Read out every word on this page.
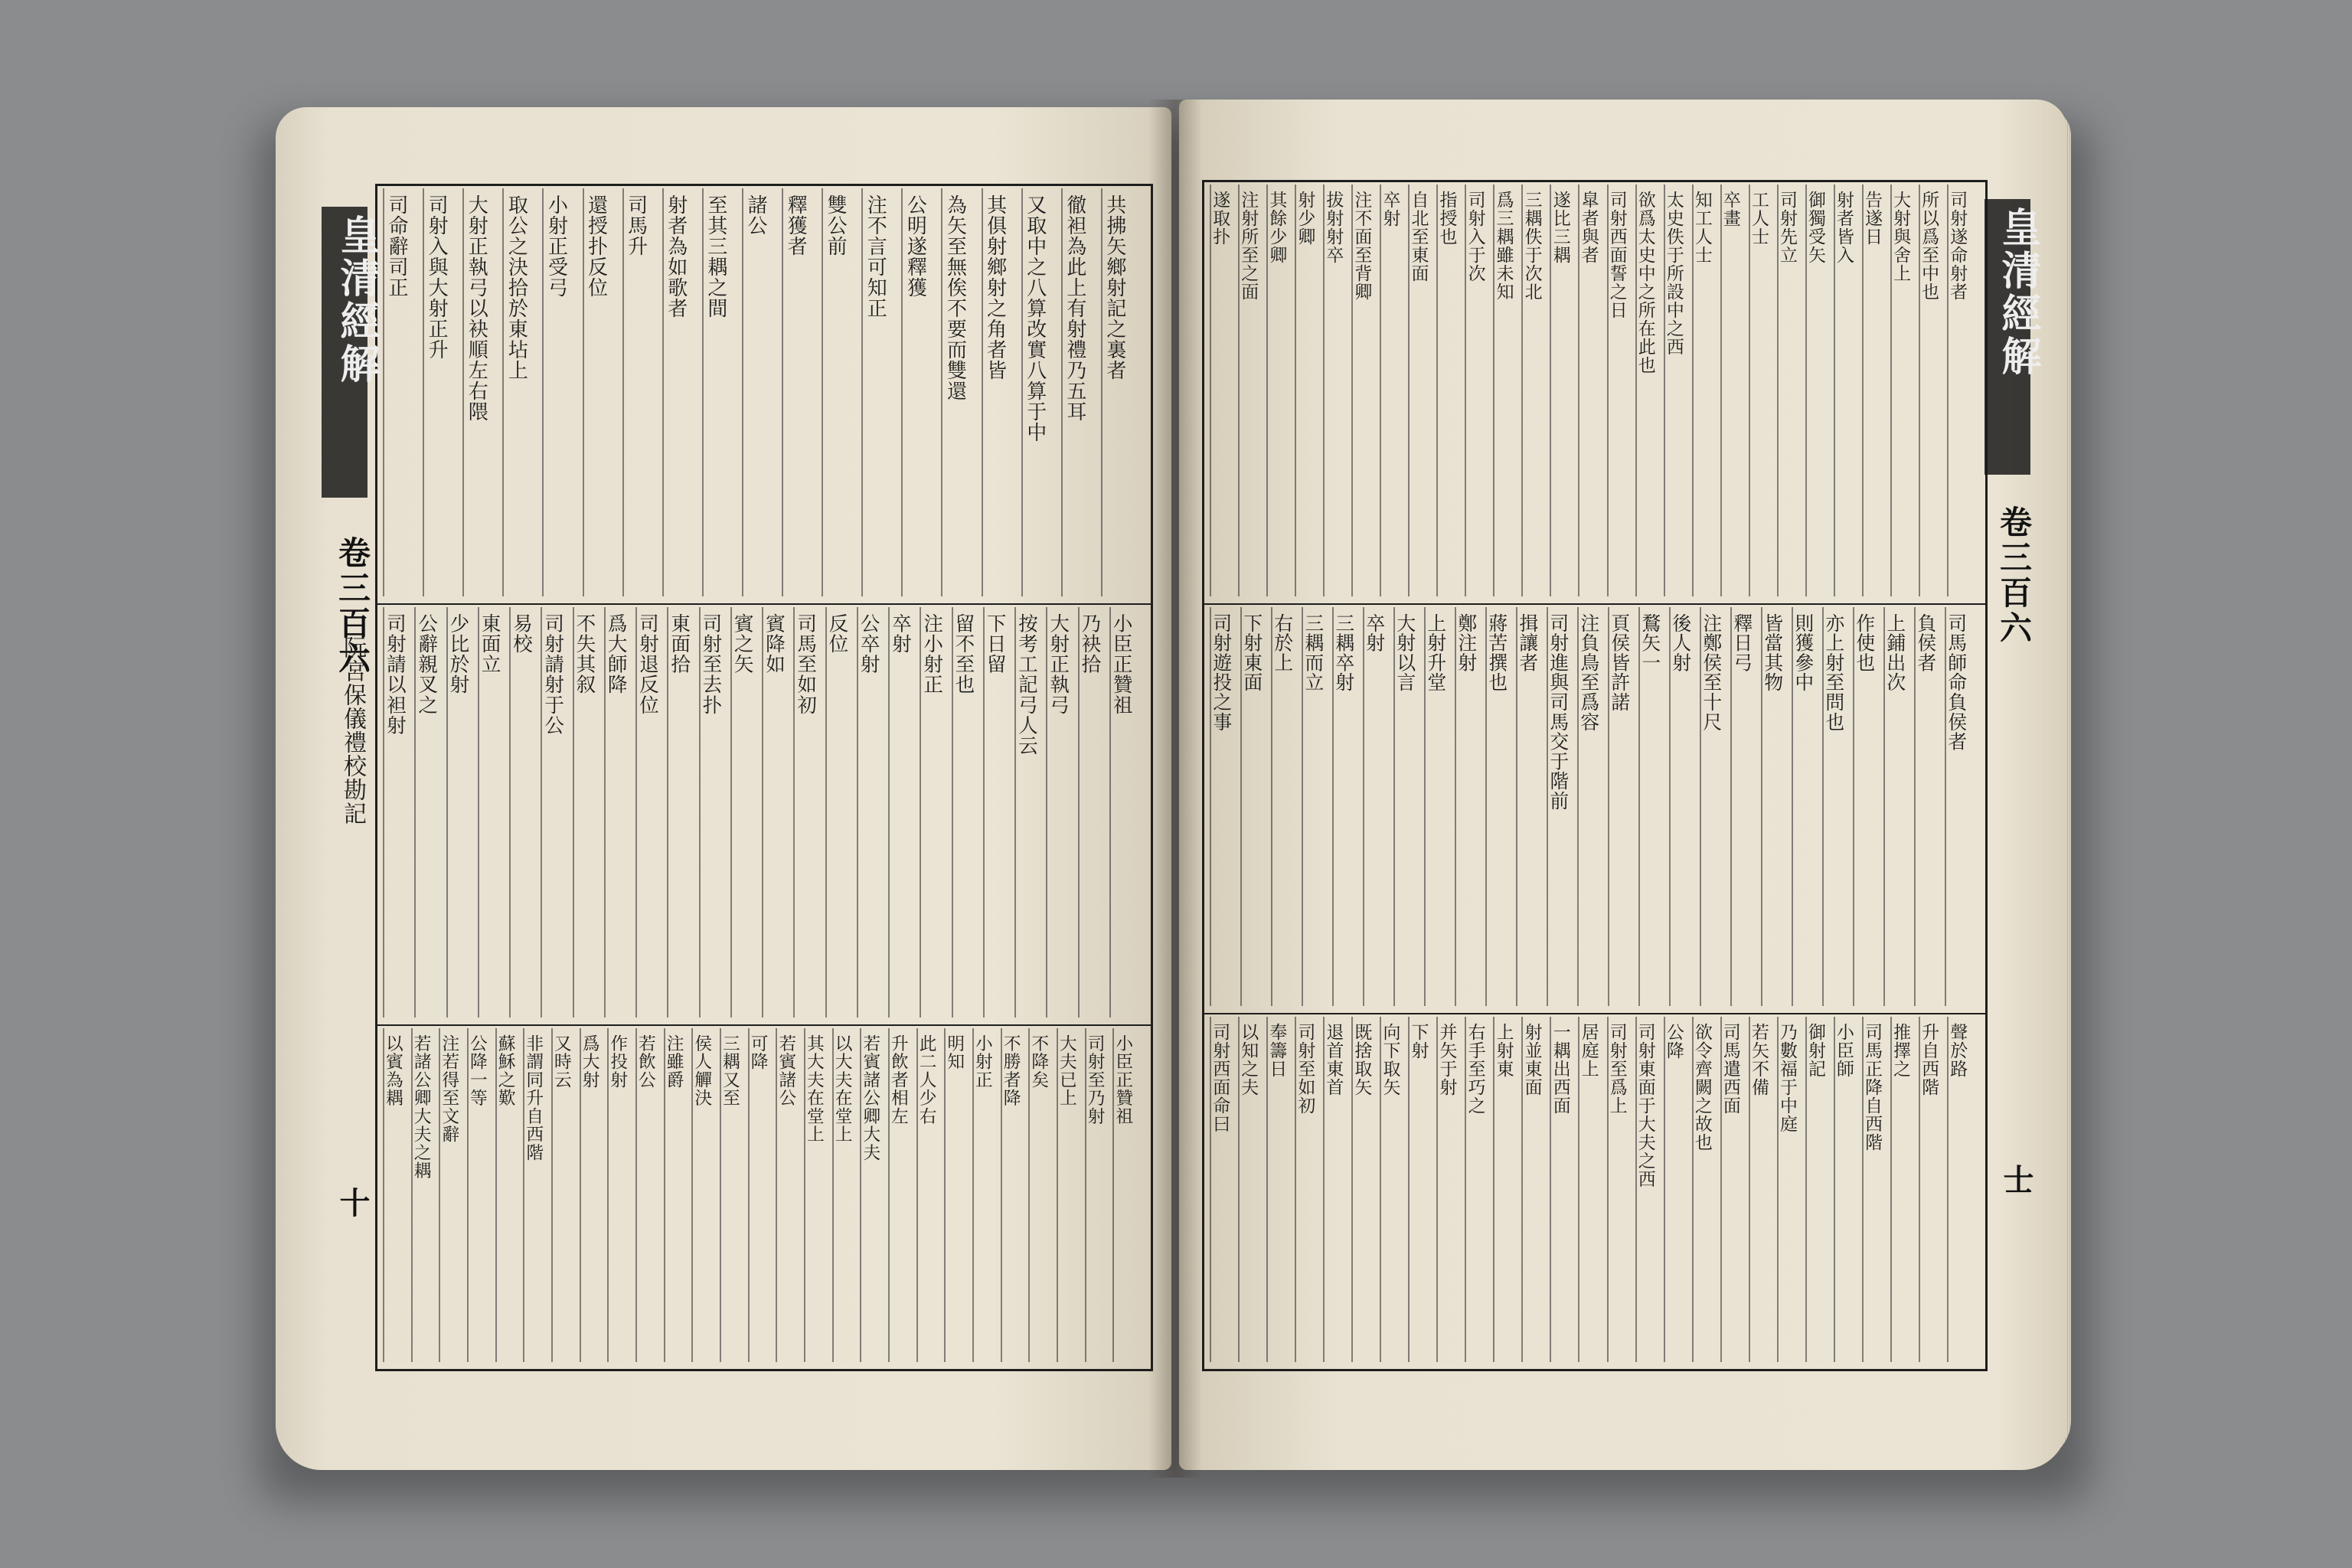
共拂矢鄉射記之裏者
徹袒為此上有射禮乃五耳
又取中之八算改實八算于中
其俱射鄉射之角者皆
為矢至無俟不要而雙還
公明遂釋獲
注不言可知正
雙公前
釋獲者
諸公
至其三耦之間
射者為如歌者
司馬升
還授扑反位
小射正受弓
取公之決拾於東坫上
大射正執弓以袂順左右隈
司射入與大射正升
司命辭司正
小臣正贊祖
乃袂拾
大射正執弓
按考工記弓人云
下日留
留不至也
注小射正
卒射
公卒射
反位
司馬至如初
賓降如
賓之矢
司射至去扑
東面拾
司射退反位
爲大師降
不失其叙
司射請射于公
易校
東面立
少比於射
公辭親叉之
司射請以袒射
小臣正贊祖
司射至乃射
大夫已上
不降矣
不勝者降
小射正
明知
此二人少右
升飲者相左
若賓諸公卿大夫
以大夫在堂上
其大夫在堂上
若賓諸公
可降
三耦又至
侯人觶決
注雖爵
若飲公
作投射
爲大射
又時云
非謂同升自西階
蘇穌之歎
公降一等
注若得至文辭
若諸公卿大夫之耦
以賓為耦
皇清經解
卷三百六
十
阮宮保儀禮校勘記
司射遂命射者
所以爲至中也
大射與舍上
告遂日
射者皆入
御獨受矢
司射先立
工人士
卒畫
知工人士
太史佚于所設中之西
欲爲太史中之所在此也
司射西面誓之日
皐者與者
遂比三耦
三耦佚于次北
爲三耦雖未知
司射入于次
指授也
自北至東面
卒射
注不面至背卿
拔射射卒
射少卿
其餘少卿
注射所至之面
遂取扑
司馬師命負侯者
負侯者
上鋪出次
作使也
亦上射至問也
則獲參中
皆當其物
釋日弓
注鄭侯至十尺
後人射
鶩矢一
頁侯皆許諾
注負鳥至爲容
司射進與司馬交于階前
揖讓者
蔣苦撰也
鄭注射
上射升堂
大射以言
卒射
三耦卒射
三耦而立
右於上
下射東面
司射遊投之事
聲於路
升自西階
推擇之
司馬正降自西階
小臣師
御射記
乃數福于中庭
若矢不備
司馬遣西面
欲令齊闕之故也
公降
司射東面于大夫之西
司射至爲上
居庭上
一耦出西面
射並東面
上射東
右手至巧之
并矢于射
下射
向下取矢
既捨取矢
退首東首
司射至如初
奉籌日
以知之夫
司射西面命曰
皇清經解
卷三百六
士
